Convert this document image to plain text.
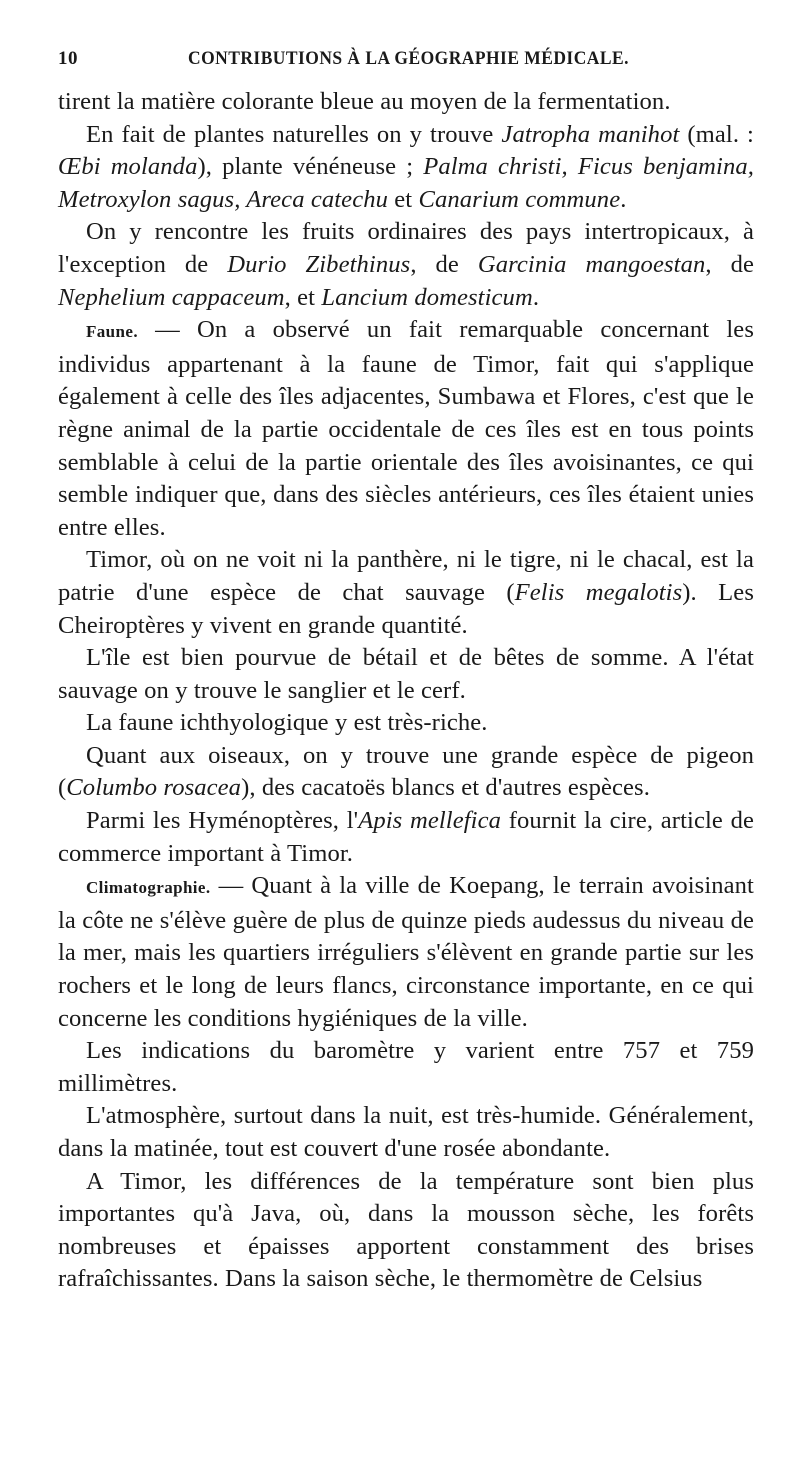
10	CONTRIBUTIONS À LA GÉOGRAPHIE MÉDICALE.

tirent la matière colorante bleue au moyen de la fermentation.

En fait de plantes naturelles on y trouve Jatropha manihot (mal. : Œbi molanda), plante vénéneuse ; Palma christi, Ficus benjamina, Metroxylon sagus, Areca catechu et Canarium commune.

On y rencontre les fruits ordinaires des pays intertropicaux, à l'exception de Durio Zibethinus, de Garcinia mangoestan, de Nephelium cappaceum, et Lancium domesticum.

Faune. — On a observé un fait remarquable concernant les individus appartenant à la faune de Timor, fait qui s'applique également à celle des îles adjacentes, Sumbawa et Flores, c'est que le règne animal de la partie occidentale de ces îles est en tous points semblable à celui de la partie orientale des îles avoisinantes, ce qui semble indiquer que, dans des siècles antérieurs, ces îles étaient unies entre elles.

Timor, où on ne voit ni la panthère, ni le tigre, ni le chacal, est la patrie d'une espèce de chat sauvage (Felis megalotis). Les Cheiroptères y vivent en grande quantité.

L'île est bien pourvue de bétail et de bêtes de somme. A l'état sauvage on y trouve le sanglier et le cerf.

La faune ichthyologique y est très-riche.

Quant aux oiseaux, on y trouve une grande espèce de pigeon (Columbo rosacea), des cacatoës blancs et d'autres espèces.

Parmi les Hyménoptères, l'Apis mellefica fournit la cire, article de commerce important à Timor.

Climatographie. — Quant à la ville de Koepang, le terrain avoisinant la côte ne s'élève guère de plus de quinze pieds audessus du niveau de la mer, mais les quartiers irréguliers s'élèvent en grande partie sur les rochers et le long de leurs flancs, circonstance importante, en ce qui concerne les conditions hygiéniques de la ville.

Les indications du baromètre y varient entre 757 et 759 millimètres.

L'atmosphère, surtout dans la nuit, est très-humide. Généralement, dans la matinée, tout est couvert d'une rosée abondante.

A Timor, les différences de la température sont bien plus importantes qu'à Java, où, dans la mousson sèche, les forêts nombreuses et épaisses apportent constamment des brises rafraîchissantes. Dans la saison sèche, le thermomètre de Celsius
